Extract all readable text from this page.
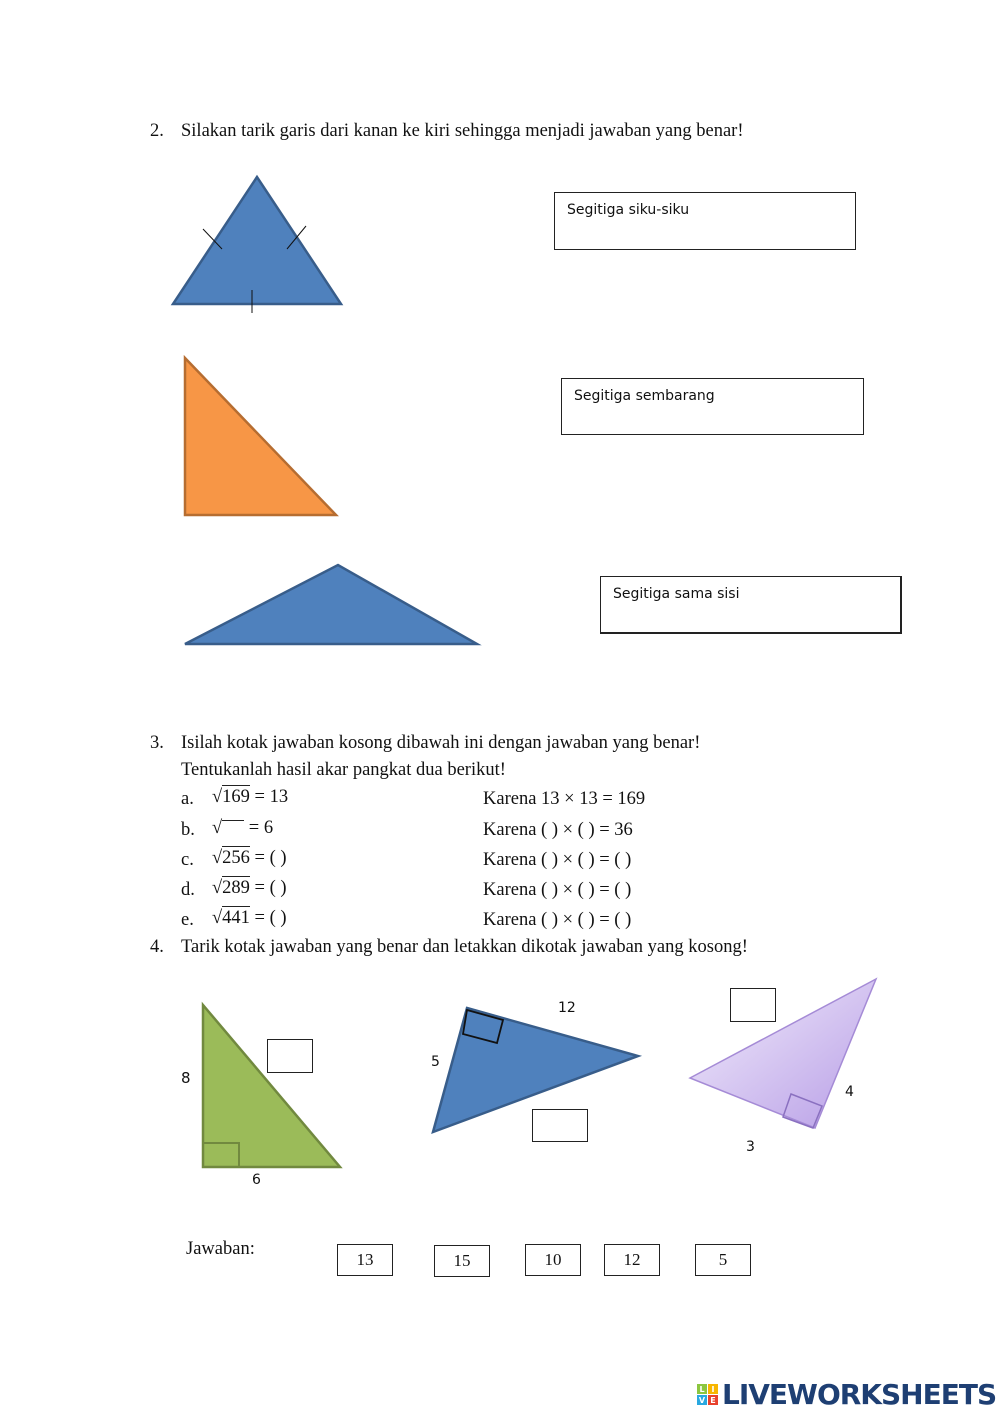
2. Silakan tarik garis dari kanan ke kiri sehingga menjadi jawaban yang benar!
Segitiga siku-siku
Segitiga sembarang
Segitiga sama sisi
3. Isilah kotak jawaban kosong dibawah ini dengan jawaban yang benar!
Tentukanlah hasil akar pangkat dua berikut!
a. √169 = 13	Karena 13 × 13 = 169
b. √ = 6	Karena ( ) × ( ) = 36
c. √256 = ( )	Karena ( ) × ( ) = ( )
d. √289 = ( )	Karena ( ) × ( ) = ( )
e. √441 = ( )	Karena ( ) × ( ) = ( )
4. Tarik kotak jawaban yang benar dan letakkan dikotak jawaban yang kosong!
8
6
5
12
4
3
Jawaban:
13	15	10	12	5
L I
V E LIVEWORKSHEETS
